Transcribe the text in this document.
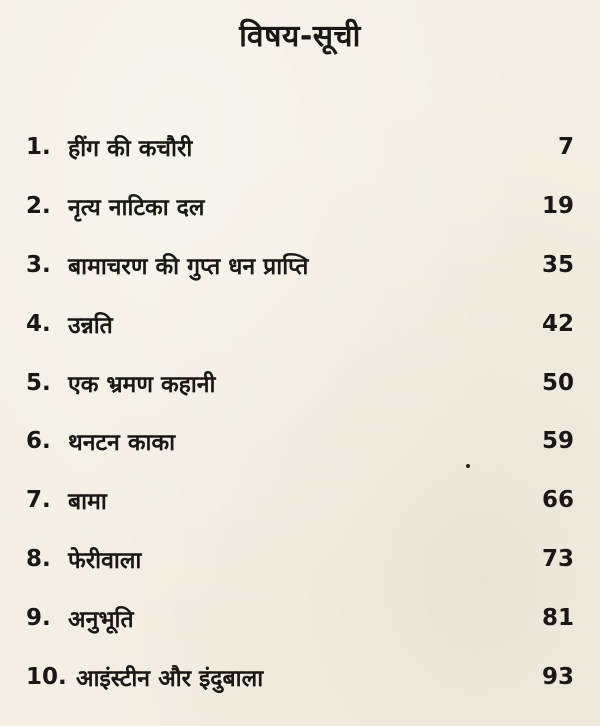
विषय-सूची
1. हींग की कचौरी	7
2. नृत्य नाटिका दल	19
3. बामाचरण की गुप्त धन प्राप्ति	35
4. उन्नति	42
5. एक भ्रमण कहानी	50
6. थनटन काका	59
7. बामा	66
8. फेरीवाला	73
9. अनुभूति	81
10. आइंस्टीन और इंदुबाला	93
